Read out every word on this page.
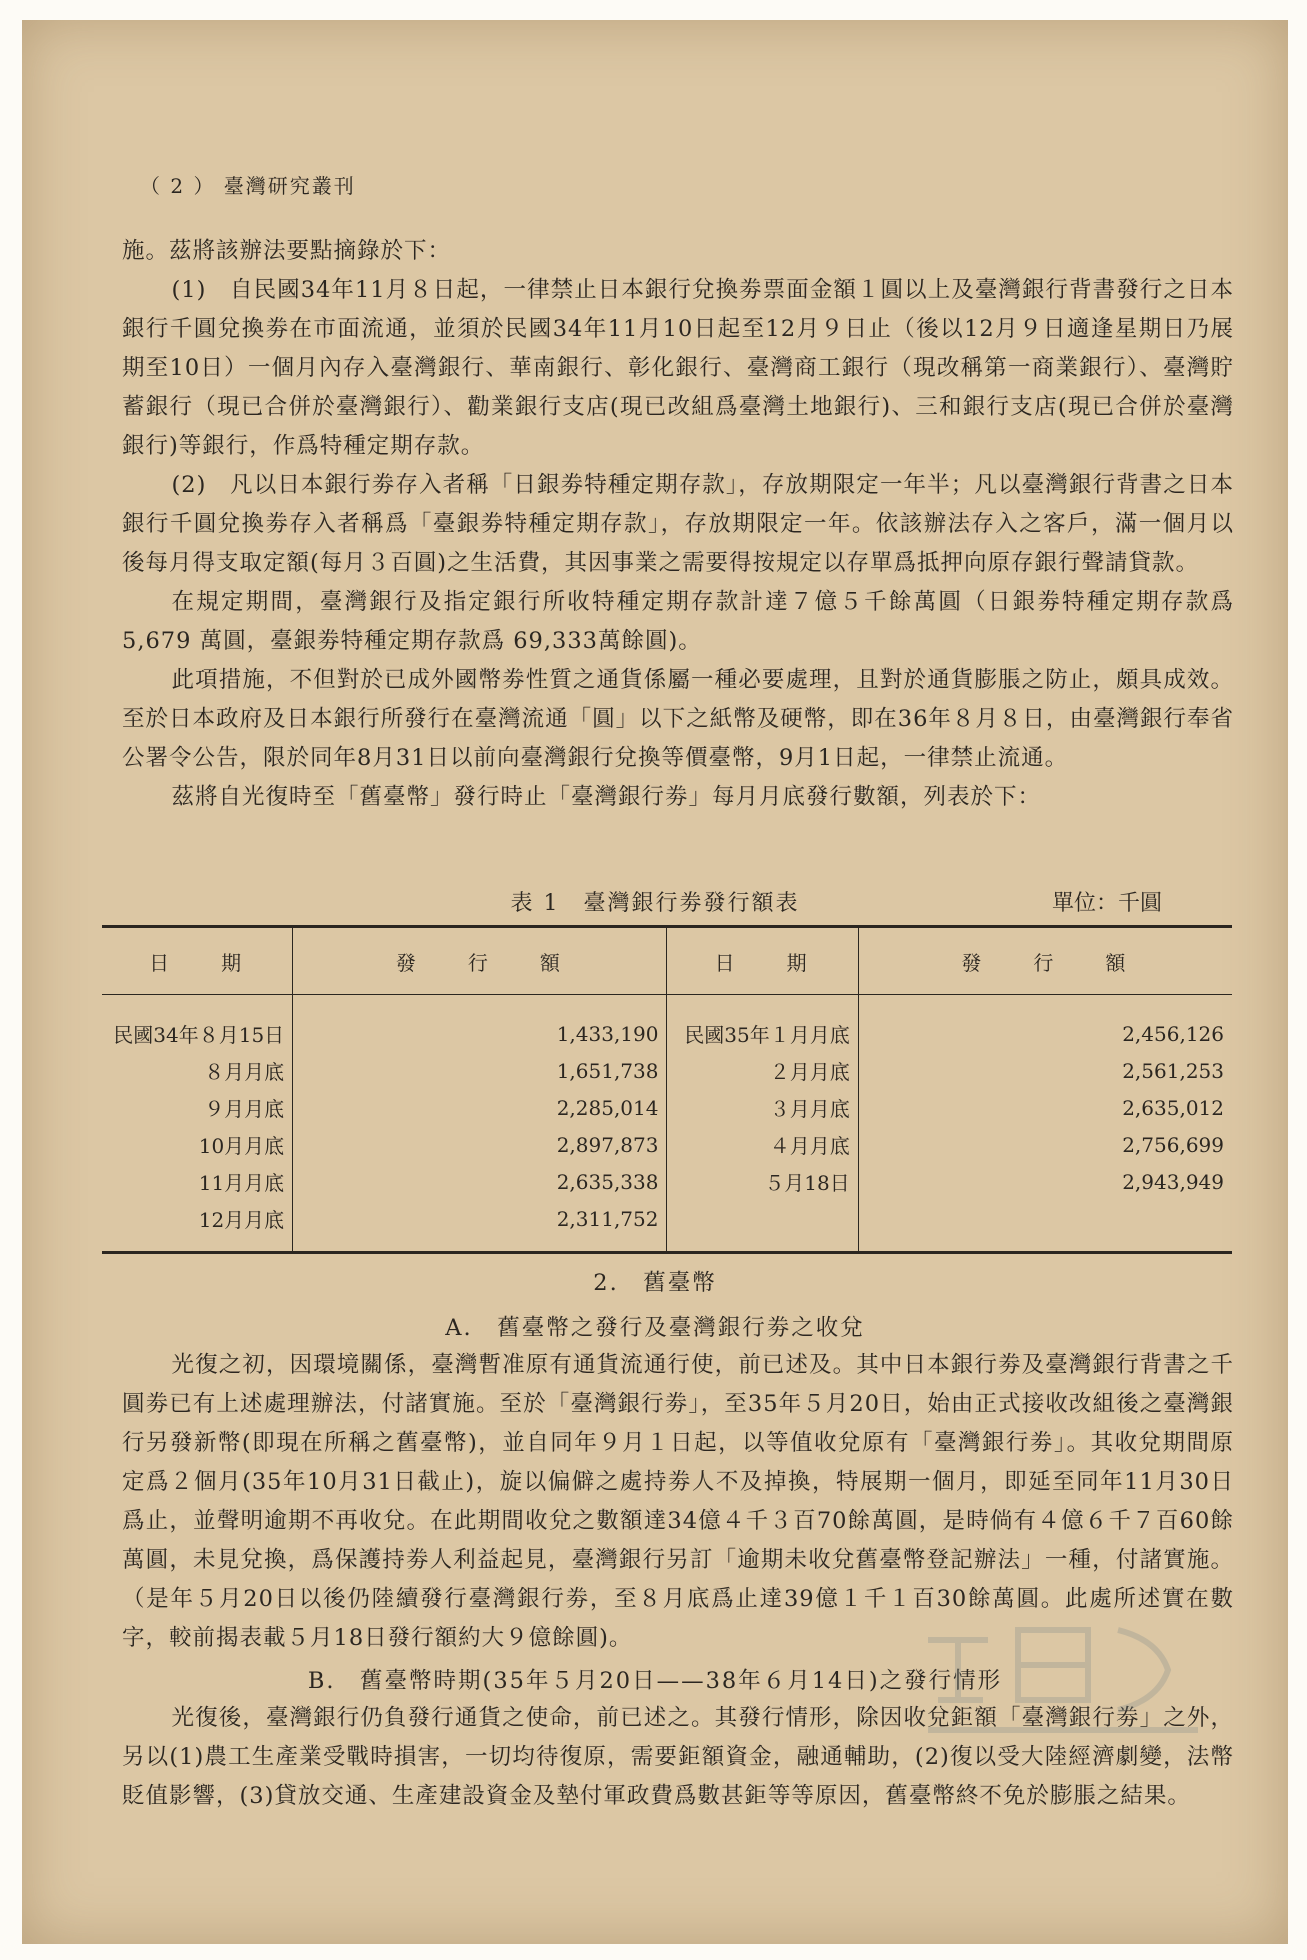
（ 2 ） 臺灣研究叢刊

施。茲將該辦法要點摘錄於下：

(1)　自民國34年11月８日起，一律禁止日本銀行兌換劵票面金額１圓以上及臺灣銀行背書發行之日本銀行千圓兌換劵在市面流通，並須於民國34年11月10日起至12月９日止（後以12月９日適逢星期日乃展期至10日）一個月內存入臺灣銀行、華南銀行、彰化銀行、臺灣商工銀行（現改稱第一商業銀行）、臺灣貯蓄銀行（現已合併於臺灣銀行）、勸業銀行支店(現已改組爲臺灣土地銀行)、三和銀行支店(現已合併於臺灣銀行)等銀行，作爲特種定期存款。

(2)　凡以日本銀行劵存入者稱「日銀劵特種定期存款」，存放期限定一年半；凡以臺灣銀行背書之日本銀行千圓兌換劵存入者稱爲「臺銀劵特種定期存款」，存放期限定一年。依該辦法存入之客戶，滿一個月以後每月得支取定額(每月３百圓)之生活費，其因事業之需要得按規定以存單爲抵押向原存銀行聲請貸款。

在規定期間，臺灣銀行及指定銀行所收特種定期存款計達７億５千餘萬圓（日銀劵特種定期存款爲5,679 萬圓，臺銀劵特種定期存款爲 69,333萬餘圓)。

此項措施，不但對於已成外國幣劵性質之通貨係屬一種必要處理，且對於通貨膨脹之防止，頗具成效。至於日本政府及日本銀行所發行在臺灣流通「圓」以下之紙幣及硬幣，即在36年８月８日，由臺灣銀行奉省公署令公告，限於同年8月31日以前向臺灣銀行兌換等價臺幣，9月1日起，一律禁止流通。

茲將自光復時至「舊臺幣」發行時止「臺灣銀行劵」每月月底發行數額，列表於下：

表 1　臺灣銀行劵發行額表	單位：千圓
日　　期	發　　行　　額	日　　期	發　　行　　額
民國34年８月15日	1,433,190	民國35年１月月底	2,456,126
８月月底	1,651,738	２月月底	2,561,253
９月月底	2,285,014	３月月底	2,635,012
10月月底	2,897,873	４月月底	2,756,699
11月月底	2,635,338	５月18日	2,943,949
12月月底	2,311,752		
2.　舊臺幣
A.　舊臺幣之發行及臺灣銀行劵之收兌

光復之初，因環境關係，臺灣暫准原有通貨流通行使，前已述及。其中日本銀行劵及臺灣銀行背書之千圓劵已有上述處理辦法，付諸實施。至於「臺灣銀行劵」，至35年５月20日，始由正式接收改組後之臺灣銀行另發新幣(即現在所稱之舊臺幣)，並自同年９月１日起，以等值收兌原有「臺灣銀行劵」。其收兌期間原定爲２個月(35年10月31日截止)，旋以偏僻之處持劵人不及掉換，特展期一個月，即延至同年11月30日爲止，並聲明逾期不再收兌。在此期間收兌之數額達34億４千３百70餘萬圓，是時倘有４億６千７百60餘萬圓，未見兌換，爲保護持劵人利益起見，臺灣銀行另訂「逾期未收兌舊臺幣登記辦法」一種，付諸實施。（是年５月20日以後仍陸續發行臺灣銀行劵，至８月底爲止達39億１千１百30餘萬圓。此處所述實在數字，較前揭表載５月18日發行額約大９億餘圓)。

B.　舊臺幣時期(35年５月20日——38年６月14日)之發行情形

光復後，臺灣銀行仍負發行通貨之使命，前已述之。其發行情形，除因收兌鉅額「臺灣銀行劵」之外，另以(1)農工生產業受戰時損害，一切均待復原，需要鉅額資金，融通輔助，(2)復以受大陸經濟劇變，法幣貶值影響，(3)貸放交通、生產建設資金及墊付軍政費爲數甚鉅等等原因，舊臺幣終不免於膨脹之結果。
